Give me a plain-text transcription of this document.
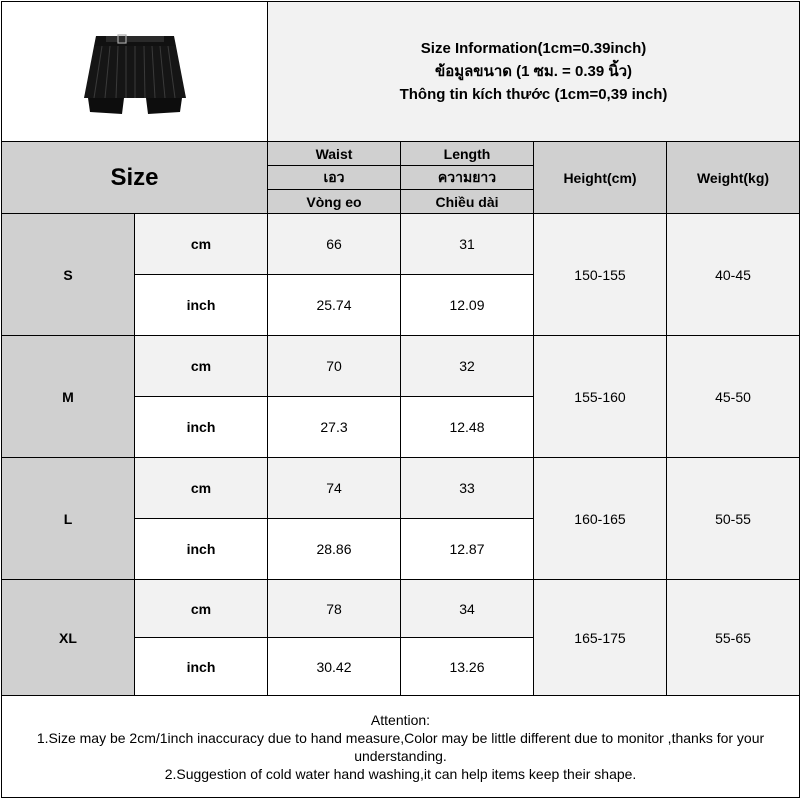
Size Information(1cm=0.39inch)
ข้อมูลขนาด (1 ซม. = 0.39 นิ้ว)
Thông tin kích thước (1cm=0,39 inch)			

Size		Waist	Length	Height(cm)	Weight(kg)
		เอว	ความยาว		
		Vòng eo	Chiều dài		
S	cm	66	31	150-155	40-45
	inch	25.74	12.09		
M	cm	70	32	155-160	45-50
	inch	27.3	12.48		
L	cm	74	33	160-165	50-55
	inch	28.86	12.87		
XL	cm	78	34	165-175	55-65
	inch	30.42	13.26		

Attention:
1.Size may be 2cm/1inch inaccuracy due to hand measure,Color may be little different due to monitor ,thanks for your understanding.
2.Suggestion of cold water hand washing,it can help items keep their shape.					
